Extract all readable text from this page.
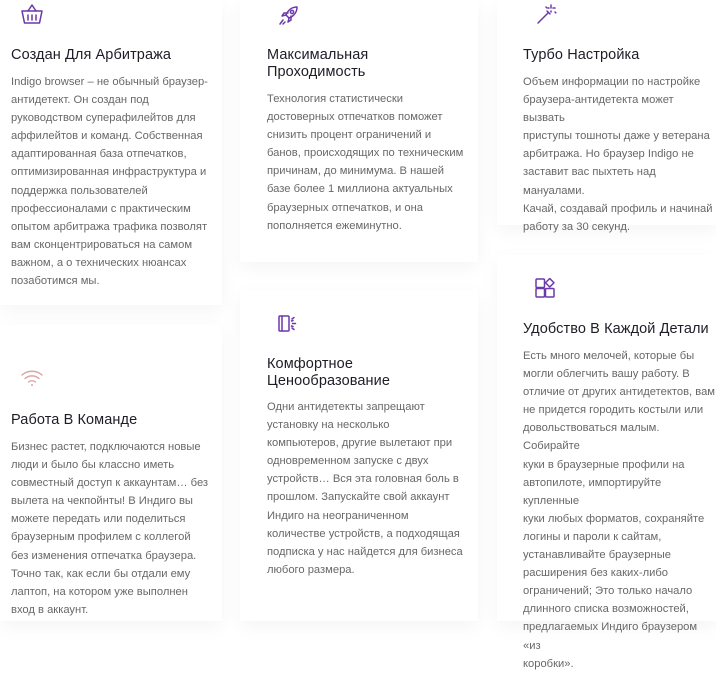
Создан Для Арбитража
Indigo browser – не обычный браузер-
антидетект. Он создан под
руководством суперафилейтов для
аффилейтов и команд. Собственная
адаптированная база отпечатков,
оптимизированная инфраструктура и
поддержка пользователей
профессионалами с практическим
опытом арбитража трафика позволят
вам сконцентрироваться на самом
важном, а о технических нюансах
позаботимся мы.
Максимальная
Проходимость
Технология статистически
достоверных отпечатков поможет
снизить процент ограничений и
банов, происходящих по техническим
причинам, до минимума. В нашей
базе более 1 миллиона актуальных
браузерных отпечатков, и она
пополняется ежеминутно.
Турбо Настройка
Объем информации по настройке
браузера-антидетекта может вызвать
приступы тошноты даже у ветерана
арбитража. Но браузер Indigo не
заставит вас пыхтеть над мануалами.
Качай, создавай профиль и начинай
работу за 30 секунд.
Работа В Команде
Бизнес растет, подключаются новые
люди и было бы классно иметь
совместный доступ к аккаунтам… без
вылета на чекпойнты! В Индиго вы
можете передать или поделиться
браузерным профилем с коллегой
без изменения отпечатка браузера.
Точно так, как если бы отдали ему
лаптоп, на котором уже выполнен
вход в аккаунт.
Комфортное
Ценообразование
Одни антидетекты запрещают
установку на несколько
компьютеров, другие вылетают при
одновременном запуске с двух
устройств… Вся эта головная боль в
прошлом. Запускайте свой аккаунт
Индиго на неограниченном
количестве устройств, а подходящая
подписка у нас найдется для бизнеса
любого размера.
Удобство В Каждой Детали
Есть много мелочей, которые бы
могли облегчить вашу работу. В
отличие от других антидетектов, вам
не придется городить костыли или
довольствоваться малым. Собирайте
куки в браузерные профили на
автопилоте, импортируйте купленные
куки любых форматов, сохраняйте
логины и пароли к сайтам,
устанавливайте браузерные
расширения без каких-либо
ограничений; Это только начало
длинного списка возможностей,
предлагаемых Индиго браузером «из
коробки».
